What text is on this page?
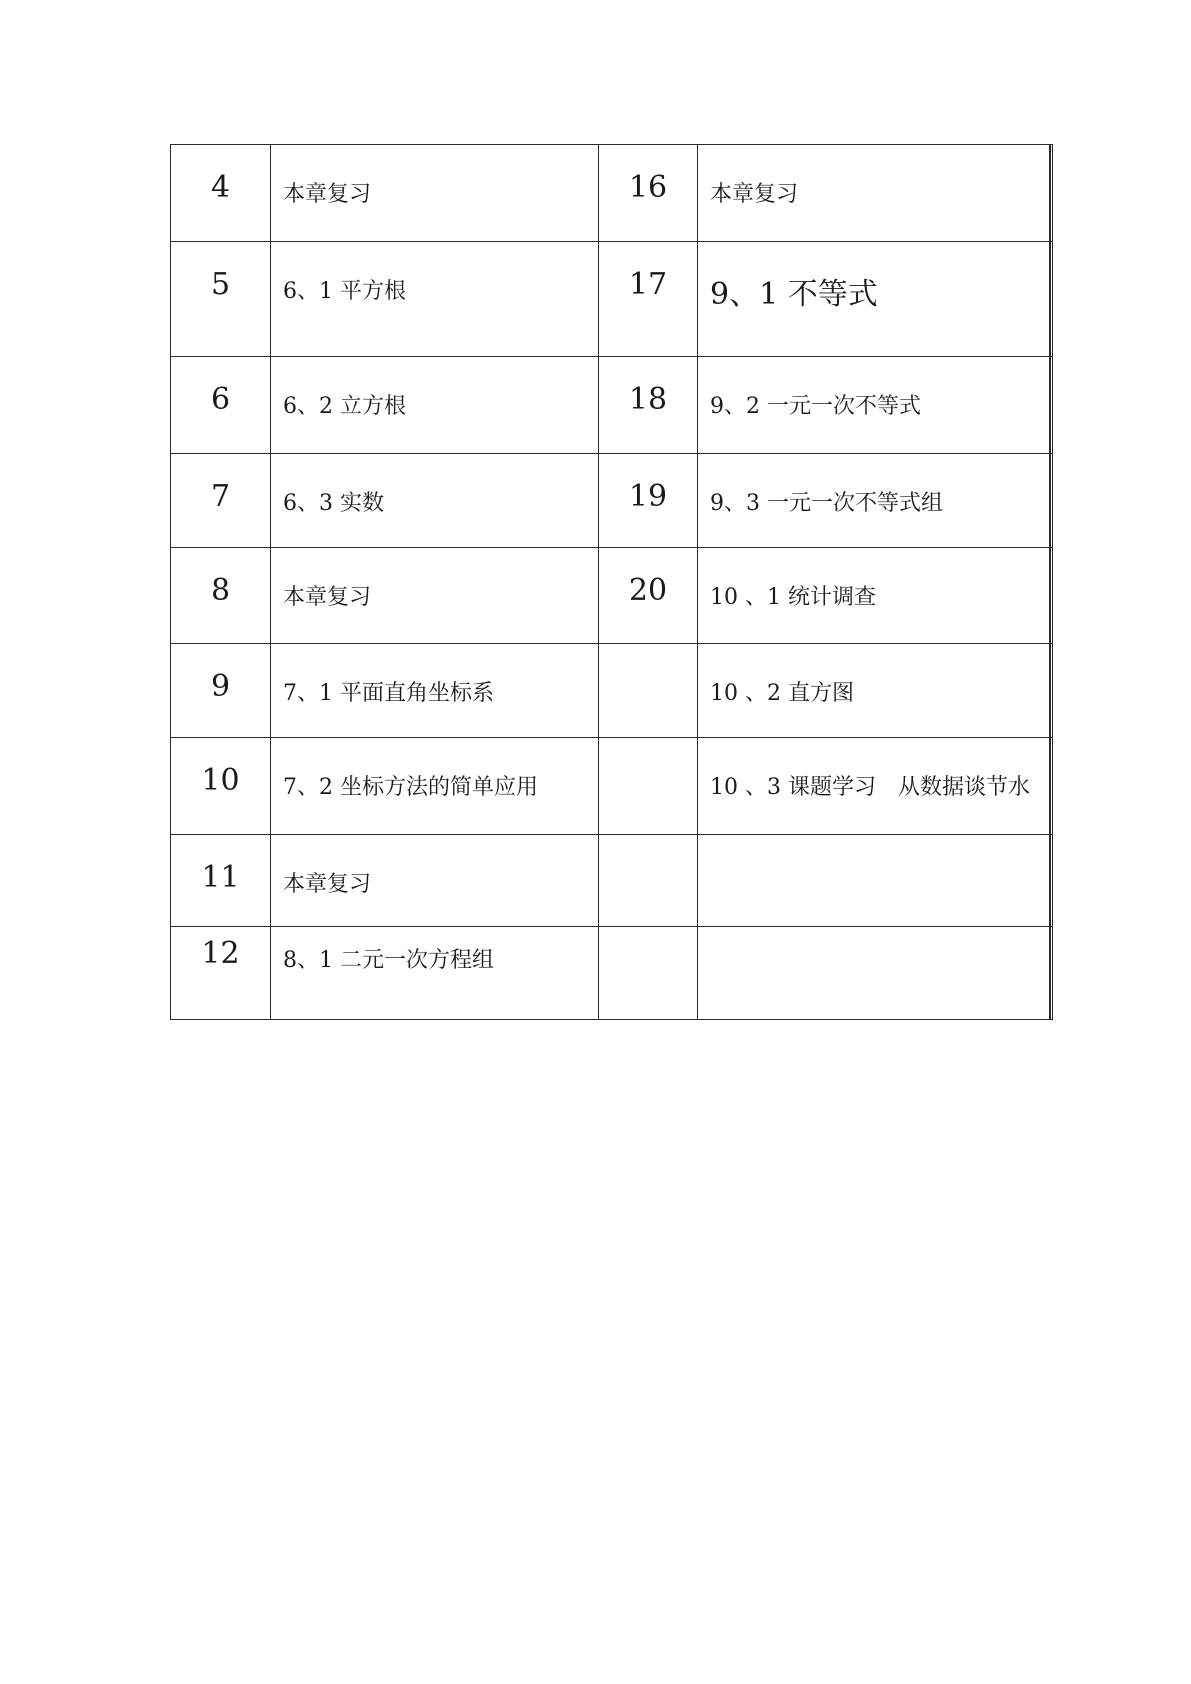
4	本章复习	16	本章复习
5	6、1 平方根	17	9、1 不等式
6	6、2 立方根	18	9、2 一元一次不等式
7	6、3 实数	19	9、3 一元一次不等式组
8	本章复习	20	10 、1 统计调查
9	7、1 平面直角坐标系		10 、2 直方图
10	7、2 坐标方法的简单应用		10 、3 课题学习　从数据谈节水
11	本章复习		
12	8、1 二元一次方程组		
